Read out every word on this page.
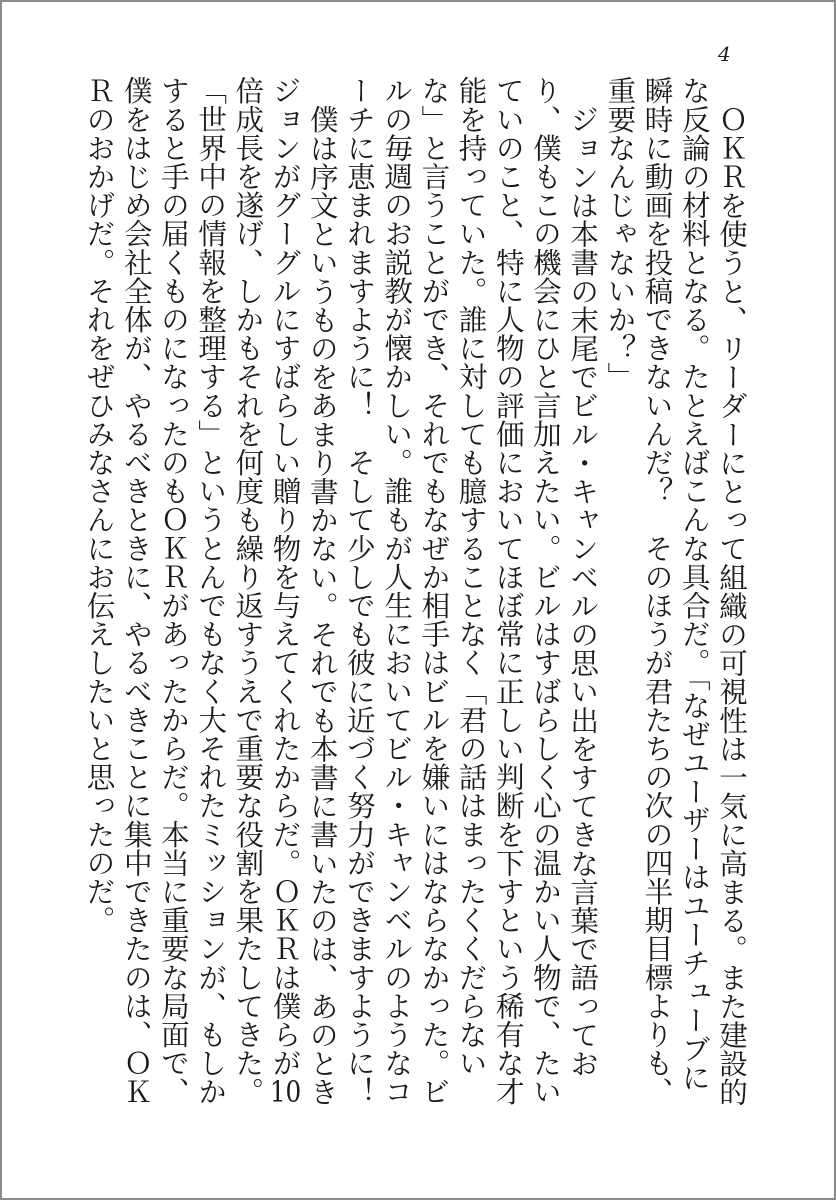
4

ＯＫＲを使うと、リーダーにとって組織の可視性は一気に高まる。また建設的な反論の材料となる。たとえばこんな具合だ。「なぜユーザーはユーチューブに瞬時に動画を投稿できないんだ？　そのほうが君たちの次の四半期目標よりも、重要なんじゃないか？」

ジョンは本書の末尾でビル・キャンベルの思い出をすてきな言葉で語っており、僕もこの機会にひと言加えたい。ビルはすばらしく心の温かい人物で、たいていのこと、特に人物の評価においてほぼ常に正しい判断を下すという稀有な才能を持っていた。誰に対しても臆することなく「君の話はまったくくだらないな」と言うことができ、それでもなぜか相手はビルを嫌いにはならなかった。ビルの毎週のお説教が懐かしい。誰もが人生においてビル・キャンベルのようなコーチに恵まれますように！　そして少しでも彼に近づく努力ができますように！

僕は序文というものをあまり書かない。それでも本書に書いたのは、あのときジョンがグーグルにすばらしい贈り物を与えてくれたからだ。ＯＫＲは僕らが10倍成長を遂げ、しかもそれを何度も繰り返すうえで重要な役割を果たしてきた。「世界中の情報を整理する」というとんでもなく大それたミッションが、もしかすると手の届くものになったのもＯＫＲがあったからだ。本当に重要な局面で、僕をはじめ会社全体が、やるべきときに、やるべきことに集中できたのは、ＯＫＲのおかげだ。それをぜひみなさんにお伝えしたいと思ったのだ。
